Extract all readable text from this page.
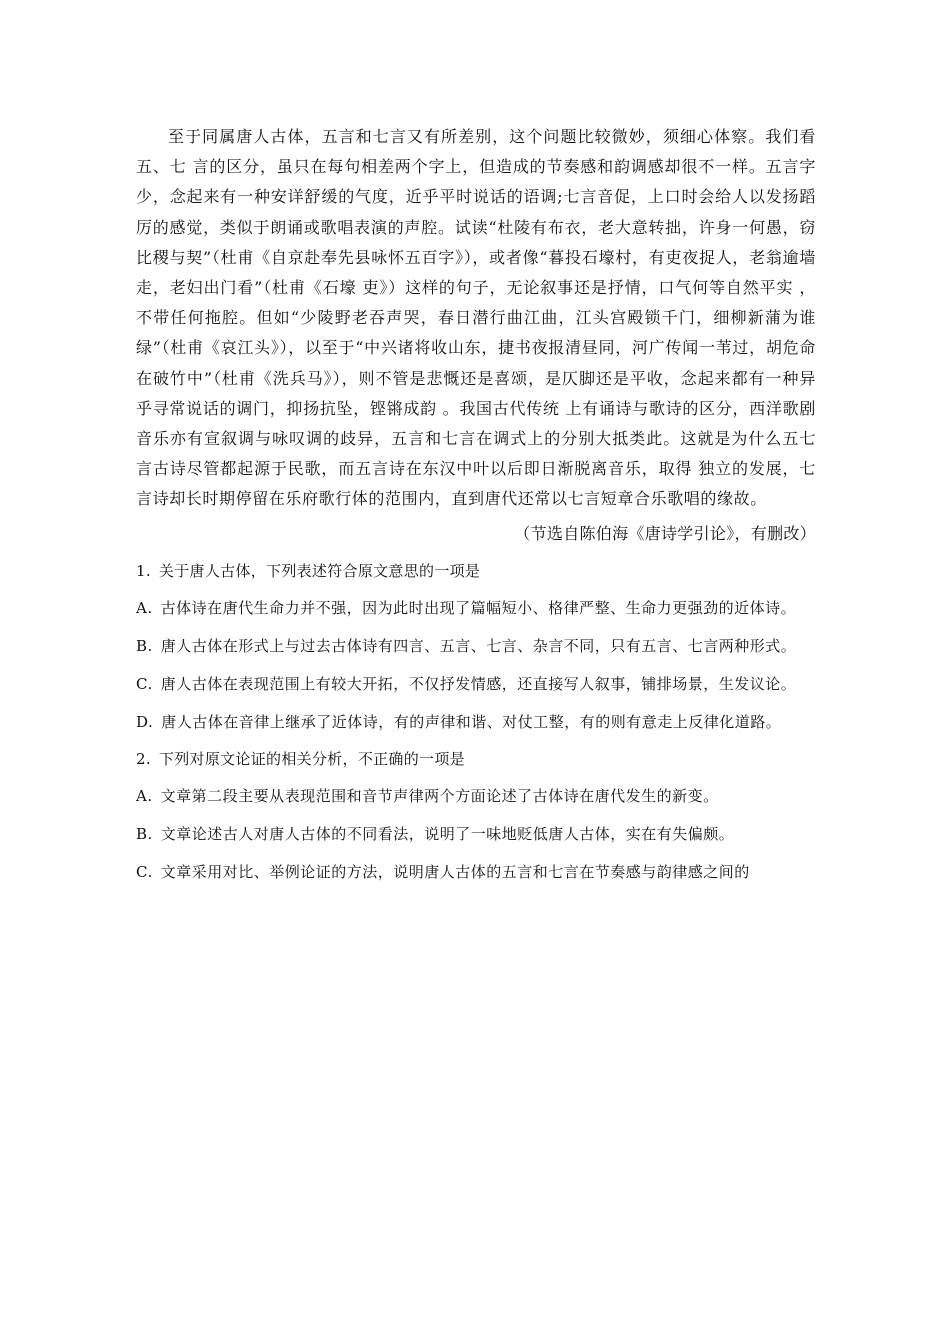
至于同属唐人古体，五言和七言又有所差别，这个问题比较微妙，须细心体察。我们看五、七 言的区分，虽只在每句相差两个字上，但造成的节奏感和韵调感却很不一样。五言字少，念起来有一种安详舒缓的气度，近乎平时说话的语调;七言音促，上口时会给人以发扬蹈厉的感觉，类似于朗诵或歌唱表演的声腔。试读“杜陵有布衣，老大意转拙，许身一何愚，窃比稷与契”（杜甫《自京赴奉先县咏怀五百字》），或者像“暮投石壕村，有吏夜捉人，老翁逾墙走，老妇出门看”（杜甫《石壕 吏》）这样的句子，无论叙事还是抒情，口气何等自然平实 ，不带任何拖腔。但如“少陵野老吞声哭，春日潜行曲江曲，江头宫殿锁千门，细柳新蒲为谁绿”（杜甫《哀江头》），以至于“中兴诸将收山东，捷书夜报清昼同，河广传闻一苇过，胡危命在破竹中”（杜甫《洗兵马》），则不管是悲慨还是喜颂，是仄脚还是平收，念起来都有一种异乎寻常说话的调门，抑扬抗坠，铿锵成韵 。我国古代传统 上有诵诗与歌诗的区分，西洋歌剧音乐亦有宣叙调与咏叹调的歧异，五言和七言在调式上的分别大抵类此。这就是为什么五七言古诗尽管都起源于民歌，而五言诗在东汉中叶以后即日渐脱离音乐，取得 独立的发展，七言诗却长时期停留在乐府歌行体的范围内，直到唐代还常以七言短章合乐歌唱的缘故。

（节选自陈伯海《唐诗学引论》，有删改）

1. 关于唐人古体，下列表述符合原文意思的一项是

A. 古体诗在唐代生命力并不强，因为此时出现了篇幅短小、格律严整、生命力更强劲的近体诗。

B. 唐人古体在形式上与过去古体诗有四言、五言、七言、杂言不同，只有五言、七言两种形式。

C. 唐人古体在表现范围上有较大开拓，不仅抒发情感，还直接写人叙事，铺排场景，生发议论。

D. 唐人古体在音律上继承了近体诗，有的声律和谐、对仗工整，有的则有意走上反律化道路。

2. 下列对原文论证的相关分析，不正确的一项是

A. 文章第二段主要从表现范围和音节声律两个方面论述了古体诗在唐代发生的新变。

B. 文章论述古人对唐人古体的不同看法，说明了一味地贬低唐人古体，实在有失偏颇。

C. 文章采用对比、举例论证的方法，说明唐人古体的五言和七言在节奏感与韵律感之间的
